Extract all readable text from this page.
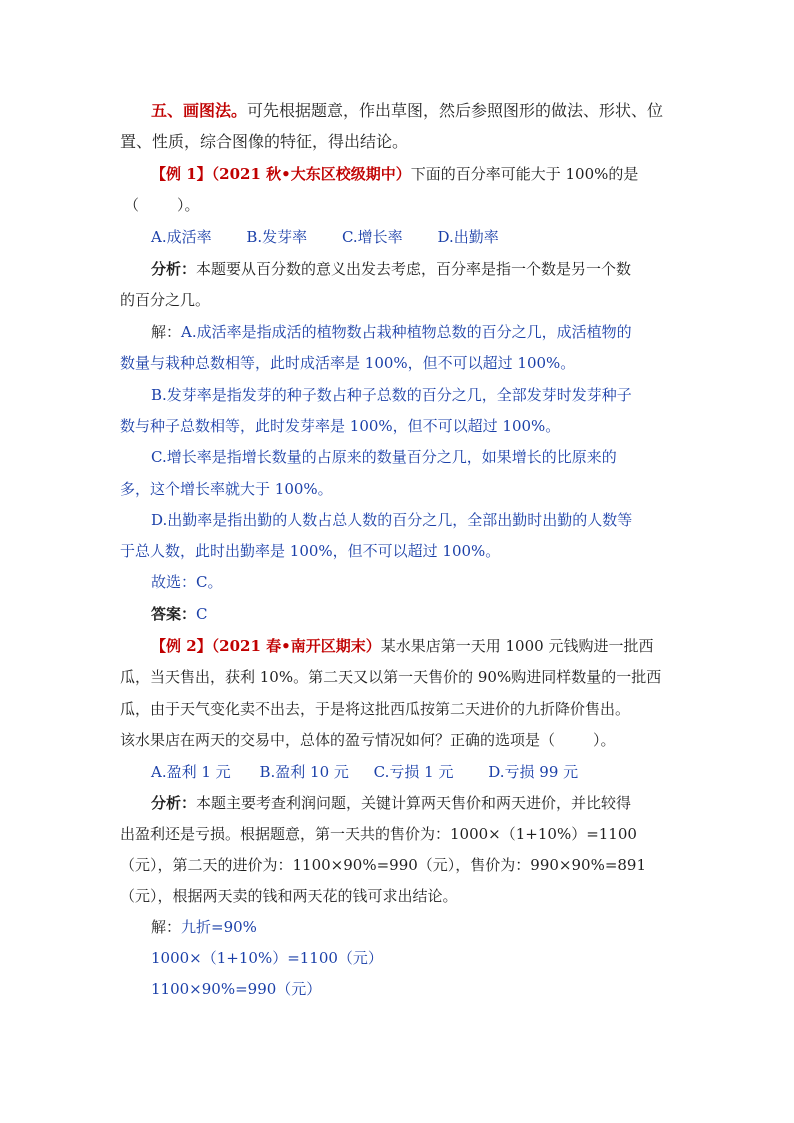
五、画图法。可先根据题意，作出草图，然后参照图形的做法、形状、位
置、性质，综合图像的特征，得出结论。
【例 1】（2021 秋•大东区校级期中）下面的百分率可能大于 100%的是
（	）。
A.成活率 B.发芽率 C.增长率 D.出勤率
分析：本题要从百分数的意义出发去考虑，百分率是指一个数是另一个数
的百分之几。
解：A.成活率是指成活的植物数占栽种植物总数的百分之几，成活植物的
数量与栽种总数相等，此时成活率是 100%，但不可以超过 100%。
B.发芽率是指发芽的种子数占种子总数的百分之几，全部发芽时发芽种子
数与种子总数相等，此时发芽率是 100%，但不可以超过 100%。
C.增长率是指增长数量的占原来的数量百分之几，如果增长的比原来的
多，这个增长率就大于 100%。
D.出勤率是指出勤的人数占总人数的百分之几，全部出勤时出勤的人数等
于总人数，此时出勤率是 100%，但不可以超过 100%。
故选：C。
答案：C
【例 2】（2021 春•南开区期末）某水果店第一天用 1000 元钱购进一批西
瓜，当天售出，获利 10%。第二天又以第一天售价的 90%购进同样数量的一批西
瓜，由于天气变化卖不出去，于是将这批西瓜按第二天进价的九折降价售出。
该水果店在两天的交易中，总体的盈亏情况如何？正确的选项是（	）。
A.盈利 1 元 B.盈利 10 元 C.亏损 1 元 D.亏损 99 元
分析：本题主要考查利润问题，关键计算两天售价和两天进价，并比较得
出盈利还是亏损。根据题意，第一天共的售价为：1000×（1+10%）=1100
（元），第二天的进价为：1100×90%=990（元），售价为：990×90%=891
（元），根据两天卖的钱和两天花的钱可求出结论。
解：九折=90%
1000×（1+10%）=1100（元）
1100×90%=990（元）
